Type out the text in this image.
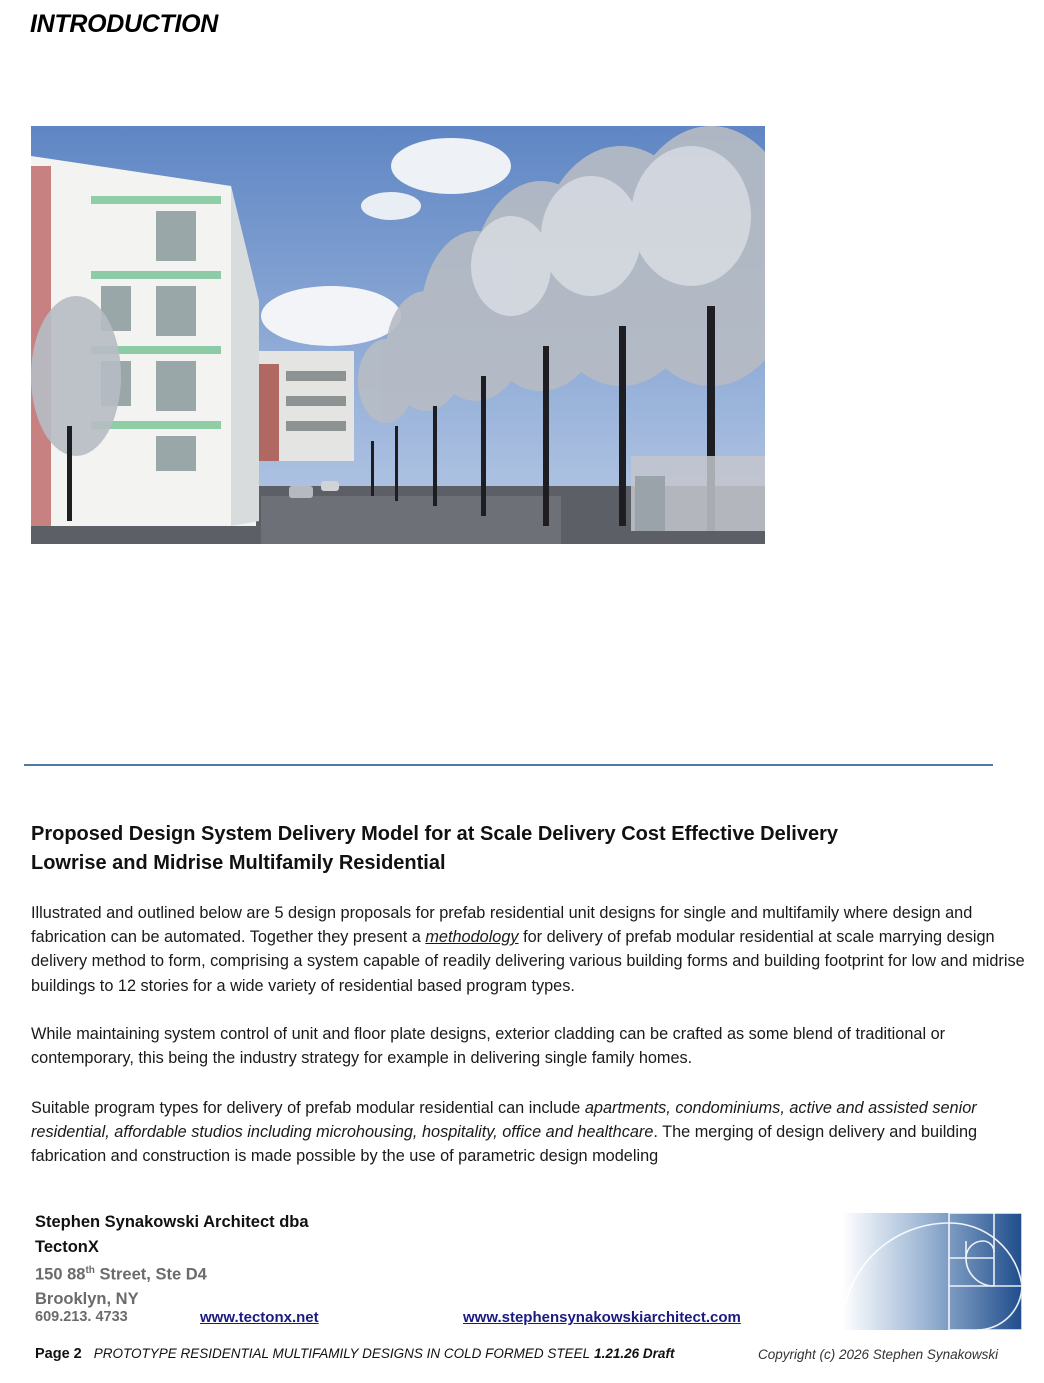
INTRODUCTION
Proposed Design System Delivery Model for at Scale Delivery Cost Effective Delivery
Lowrise and Midrise Multifamily Residential
Illustrated and outlined below are 5 design proposals for prefab residential unit designs for single and multifamily where design and fabrication can be automated. Together they present a methodology for delivery of prefab modular residential at scale marrying design delivery method to form, comprising a system capable of readily delivering various building forms and building footprint for low and midrise buildings to 12 stories for a wide variety of residential based program types.
While maintaining system control of unit and floor plate designs, exterior cladding can be crafted as some blend of traditional or contemporary, this being the industry strategy for example in delivering single family homes.
Suitable program types for delivery of prefab modular residential can include apartments, condominiums, active and assisted senior residential, affordable studios including microhousing, hospitality, office and healthcare. The merging of design delivery and building fabrication and construction is made possible by the use of parametric design modeling
Stephen Synakowski Architect dba
TectonX
150 88th Street, Ste D4
Brooklyn, NY
609.213. 4733	www.tectonx.net	www.stephensynakowskiarchitect.com
Page 2 PROTOTYPE RESIDENTIAL MULTIFAMILY DESIGNS IN COLD FORMED STEEL 1.21.26 Draft	Copyright (c) 2026 Stephen Synakowski
